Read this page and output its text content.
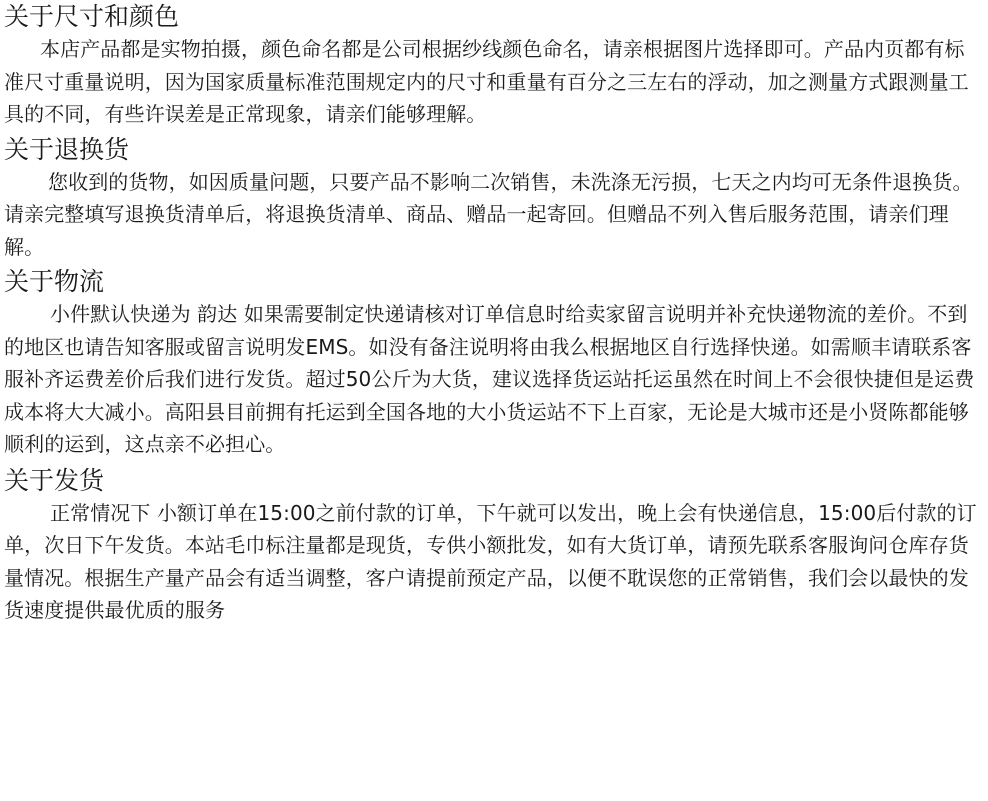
关于尺寸和颜色

本店产品都是实物拍摄，颜色命名都是公司根据纱线颜色命名，请亲根据图片选择即可。产品内页都有标准尺寸重量说明，因为国家质量标准范围规定内的尺寸和重量有百分之三左右的浮动，加之测量方式跟测量工具的不同，有些许误差是正常现象，请亲们能够理解。

关于退换货

您收到的货物，如因质量问题，只要产品不影响二次销售，未洗涤无污损，七天之内均可无条件退换货。请亲完整填写退换货清单后，将退换货清单、商品、赠品一起寄回。但赠品不列入售后服务范围，请亲们理解。

关于物流

小件默认快递为 韵达 如果需要制定快递请核对订单信息时给卖家留言说明并补充快递物流的差价。不到的地区也请告知客服或留言说明发EMS。如没有备注说明将由我么根据地区自行选择快递。如需顺丰请联系客服补齐运费差价后我们进行发货。超过50公斤为大货，建议选择货运站托运虽然在时间上不会很快捷但是运费成本将大大减小。高阳县目前拥有托运到全国各地的大小货运站不下上百家，无论是大城市还是小贤陈都能够顺利的运到，这点亲不必担心。

关于发货

正常情况下 小额订单在15:00之前付款的订单，下午就可以发出，晚上会有快递信息，15:00后付款的订单，次日下午发货。本站毛巾标注量都是现货，专供小额批发，如有大货订单，请预先联系客服询问仓库存货量情况。根据生产量产品会有适当调整，客户请提前预定产品，以便不耽误您的正常销售，我们会以最快的发货速度提供最优质的服务
